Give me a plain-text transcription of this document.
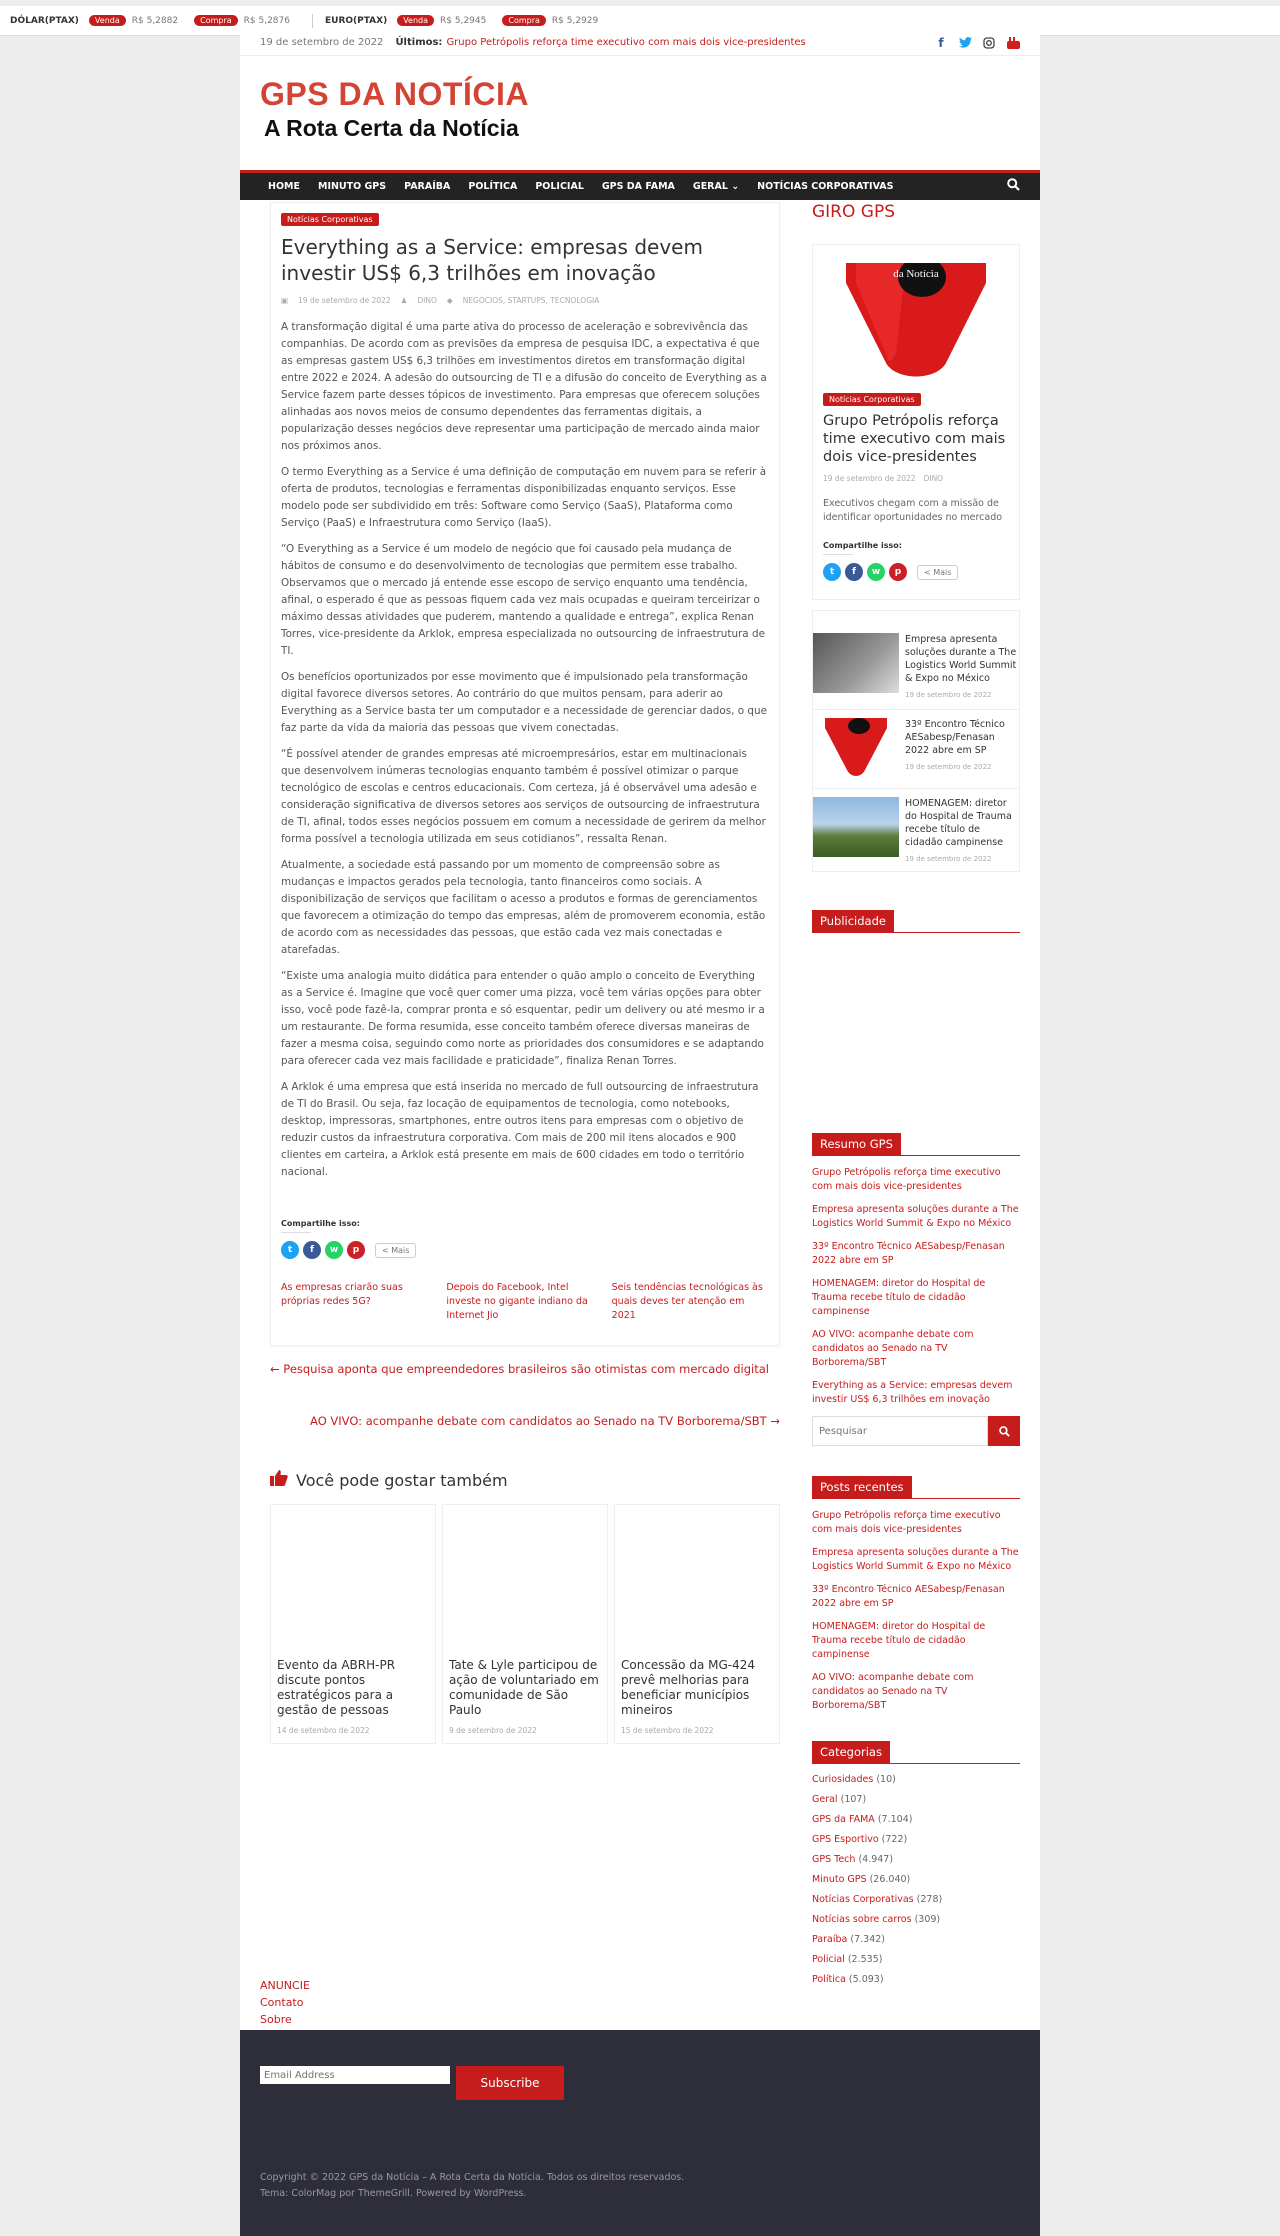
DÓLAR(PTAX)	Venda	R$ 5,2882	Compra	R$ 5,2876	EURO(PTAX)	Venda	R$ 5,2945	Compra	R$ 5,2929
19 de setembro de 2022 Últimos: Grupo Petrópolis reforça time executivo com mais dois vice-presidentes	f
GPS DA NOTÍCIA
A Rota Certa da Notícia
HOME	MINUTO GPS	PARAÍBA	POLÍTICA	POLICIAL	GPS DA FAMA	GERAL ⌄	NOTÍCIAS CORPORATIVAS
Notícias Corporativas
Everything as a Service: empresas devem investir US$ 6,3 trilhões em inovação
▣ 19 de setembro de 2022 ♟ DINO ◆ NEGÓCIOS, STARTUPS, TECNOLOGIA

A transformação digital é uma parte ativa do processo de aceleração e sobrevivência das companhias. De acordo com as previsões da empresa de pesquisa IDC, a expectativa é que as empresas gastem US$ 6,3 trilhões em investimentos diretos em transformação digital entre 2022 e 2024. A adesão do outsourcing de TI e a difusão do conceito de Everything as a Service fazem parte desses tópicos de investimento. Para empresas que oferecem soluções alinhadas aos novos meios de consumo dependentes das ferramentas digitais, a popularização desses negócios deve representar uma participação de mercado ainda maior nos próximos anos.

O termo Everything as a Service é uma definição de computação em nuvem para se referir à oferta de produtos, tecnologias e ferramentas disponibilizadas enquanto serviços. Esse modelo pode ser subdividido em três: Software como Serviço (SaaS), Plataforma como Serviço (PaaS) e Infraestrutura como Serviço (IaaS).

“O Everything as a Service é um modelo de negócio que foi causado pela mudança de hábitos de consumo e do desenvolvimento de tecnologias que permitem esse trabalho. Observamos que o mercado já entende esse escopo de serviço enquanto uma tendência, afinal, o esperado é que as pessoas fiquem cada vez mais ocupadas e queiram terceirizar o máximo dessas atividades que puderem, mantendo a qualidade e entrega”, explica Renan Torres, vice-presidente da Arklok, empresa especializada no outsourcing de infraestrutura de TI.

Os benefícios oportunizados por esse movimento que é impulsionado pela transformação digital favorece diversos setores. Ao contrário do que muitos pensam, para aderir ao Everything as a Service basta ter um computador e a necessidade de gerenciar dados, o que faz parte da vida da maioria das pessoas que vivem conectadas.

“É possível atender de grandes empresas até microempresários, estar em multinacionais que desenvolvem inúmeras tecnologias enquanto também é possível otimizar o parque tecnológico de escolas e centros educacionais. Com certeza, já é observável uma adesão e consideração significativa de diversos setores aos serviços de outsourcing de infraestrutura de TI, afinal, todos esses negócios possuem em comum a necessidade de gerirem da melhor forma possível a tecnologia utilizada em seus cotidianos”, ressalta Renan.

Atualmente, a sociedade está passando por um momento de compreensão sobre as mudanças e impactos gerados pela tecnologia, tanto financeiros como sociais. A disponibilização de serviços que facilitam o acesso a produtos e formas de gerenciamentos que favorecem a otimização do tempo das empresas, além de promoverem economia, estão de acordo com as necessidades das pessoas, que estão cada vez mais conectadas e atarefadas.

“Existe uma analogia muito didática para entender o quão amplo o conceito de Everything as a Service é. Imagine que você quer comer uma pizza, você tem várias opções para obter isso, você pode fazê-la, comprar pronta e só esquentar, pedir um delivery ou até mesmo ir a um restaurante. De forma resumida, esse conceito também oferece diversas maneiras de fazer a mesma coisa, seguindo como norte as prioridades dos consumidores e se adaptando para oferecer cada vez mais facilidade e praticidade”, finaliza Renan Torres.

A Arklok é uma empresa que está inserida no mercado de full outsourcing de infraestrutura de TI do Brasil. Ou seja, faz locação de equipamentos de tecnologia, como notebooks, desktop, impressoras, smartphones, entre outros itens para empresas com o objetivo de reduzir custos da infraestrutura corporativa. Com mais de 200 mil itens alocados e 900 clientes em carteira, a Arklok está presente em mais de 600 cidades em todo o território nacional.

Compartilhe isso:
t	f	w	p	< Mais
As empresas criarão suas próprias redes 5G?
Depois do Facebook, Intel investe no gigante indiano da Internet Jio
Seis tendências tecnológicas às quais deves ter atenção em 2021
← Pesquisa aponta que empreendedores brasileiros são otimistas com mercado digital
AO VIVO: acompanhe debate com candidatos ao Senado na TV Borborema/SBT →
Você pode gostar também
Evento da ABRH-PR discute pontos estratégicos para a gestão de pessoas
14 de setembro de 2022
Tate & Lyle participou de ação de voluntariado em comunidade de São Paulo
9 de setembro de 2022
Concessão da MG-424 prevê melhorias para beneficiar municípios mineiros
15 de setembro de 2022
GIRO GPS
da Notícia
Notícias Corporativas
Grupo Petrópolis reforça time executivo com mais dois vice-presidentes
19 de setembro de 2022 DINO
Executivos chegam com a missão de identificar oportunidades no mercado
Compartilhe isso:
t	f	w	p	< Mais
Empresa apresenta soluções durante a The Logistics World Summit & Expo no México
19 de setembro de 2022
33º Encontro Técnico AESabesp/Fenasan 2022 abre em SP
19 de setembro de 2022
HOMENAGEM: diretor do Hospital de Trauma recebe título de cidadão campinense
19 de setembro de 2022
Publicidade
Resumo GPS
Grupo Petrópolis reforça time executivo com mais dois vice-presidentes
Empresa apresenta soluções durante a The Logistics World Summit & Expo no México
33º Encontro Técnico AESabesp/Fenasan 2022 abre em SP
HOMENAGEM: diretor do Hospital de Trauma recebe título de cidadão campinense
AO VIVO: acompanhe debate com candidatos ao Senado na TV Borborema/SBT
Everything as a Service: empresas devem investir US$ 6,3 trilhões em inovação
Pesquisar
Posts recentes
Grupo Petrópolis reforça time executivo com mais dois vice-presidentes
Empresa apresenta soluções durante a The Logistics World Summit & Expo no México
33º Encontro Técnico AESabesp/Fenasan 2022 abre em SP
HOMENAGEM: diretor do Hospital de Trauma recebe título de cidadão campinense
AO VIVO: acompanhe debate com candidatos ao Senado na TV Borborema/SBT
Categorias
Curiosidades (10)
Geral (107)
GPS da FAMA (7.104)
GPS Esportivo (722)
GPS Tech (4.947)
Minuto GPS (26.040)
Notícias Corporativas (278)
Notícias sobre carros (309)
Paraíba (7.342)
Policial (2.535)
Política (5.093)
ANUNCIE
Contato
Sobre
Email Address
Subscribe
Copyright © 2022 GPS da Notícia – A Rota Certa da Notícia. Todos os direitos reservados.
Tema: ColorMag por ThemeGrill. Powered by WordPress.
